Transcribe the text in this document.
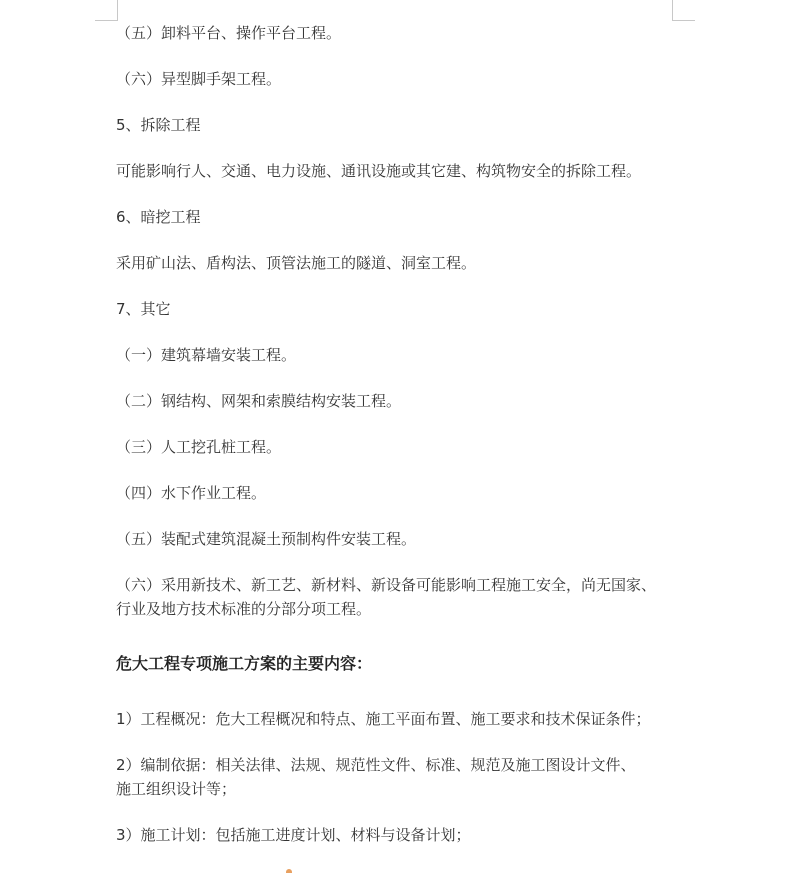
（五）卸料平台、操作平台工程。
（六）异型脚手架工程。
5、拆除工程
可能影响行人、交通、电力设施、通讯设施或其它建、构筑物安全的拆除工程。
6、暗挖工程
采用矿山法、盾构法、顶管法施工的隧道、洞室工程。
7、其它
（一）建筑幕墙安装工程。
（二）钢结构、网架和索膜结构安装工程。
（三）人工挖孔桩工程。
（四）水下作业工程。
（五）装配式建筑混凝土预制构件安装工程。
（六）采用新技术、新工艺、新材料、新设备可能影响工程施工安全，尚无国家、
行业及地方技术标准的分部分项工程。
危大工程专项施工方案的主要内容：
1）工程概况：危大工程概况和特点、施工平面布置、施工要求和技术保证条件；
2）编制依据：相关法律、法规、规范性文件、标准、规范及施工图设计文件、
施工组织设计等；
3）施工计划：包括施工进度计划、材料与设备计划；
